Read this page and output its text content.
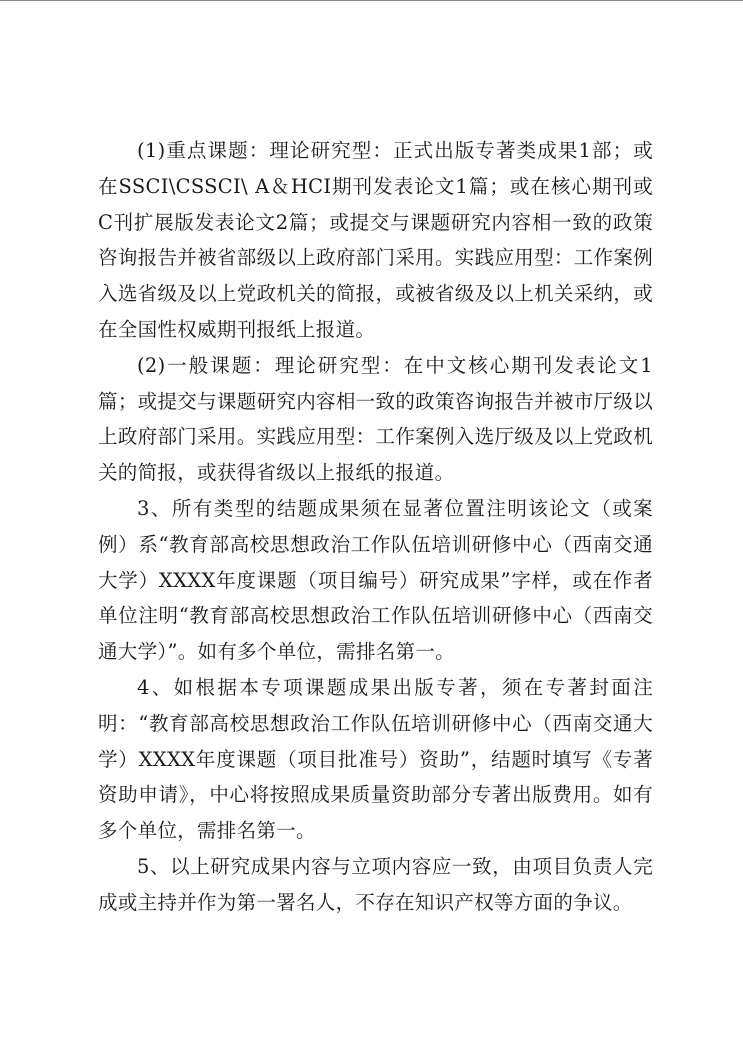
(1)重点课题：理论研究型：正式出版专著类成果1部；或在SSCI\CSSCI\ A＆HCI期刊发表论文1篇；或在核心期刊或C刊扩展版发表论文2篇；或提交与课题研究内容相一致的政策咨询报告并被省部级以上政府部门采用。实践应用型：工作案例入选省级及以上党政机关的简报，或被省级及以上机关采纳，或在全国性权威期刊报纸上报道。

(2)一般课题：理论研究型：在中文核心期刊发表论文1篇；或提交与课题研究内容相一致的政策咨询报告并被市厅级以上政府部门采用。实践应用型：工作案例入选厅级及以上党政机关的简报，或获得省级以上报纸的报道。

3、所有类型的结题成果须在显著位置注明该论文（或案例）系“教育部高校思想政治工作队伍培训研修中心（西南交通大学）XXXX年度课题（项目编号）研究成果”字样，或在作者单位注明“教育部高校思想政治工作队伍培训研修中心（西南交通大学）”。如有多个单位，需排名第一。

4、如根据本专项课题成果出版专著，须在专著封面注明：“教育部高校思想政治工作队伍培训研修中心（西南交通大学）XXXX年度课题（项目批准号）资助”，结题时填写《专著资助申请》，中心将按照成果质量资助部分专著出版费用。如有多个单位，需排名第一。

5、以上研究成果内容与立项内容应一致，由项目负责人完成或主持并作为第一署名人，不存在知识产权等方面的争议。
